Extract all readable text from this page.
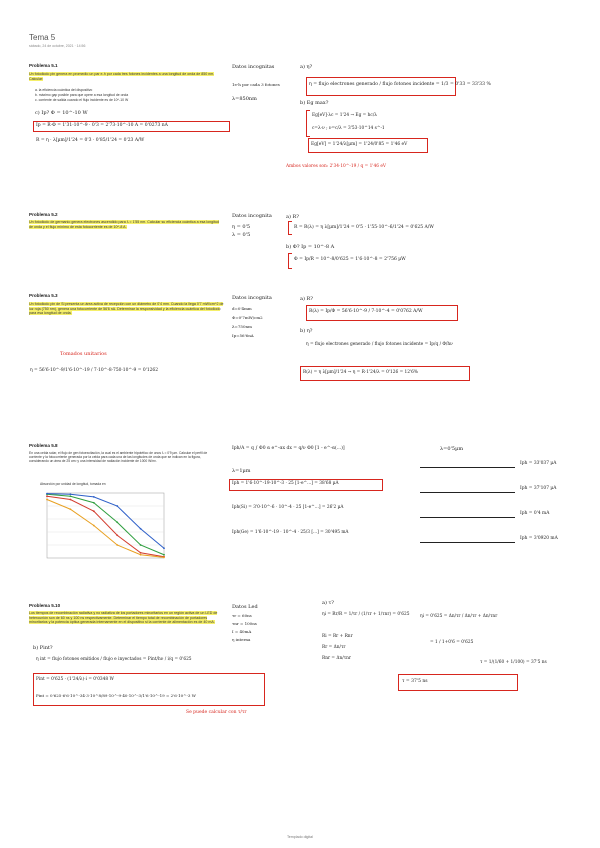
Tema 5
sábado, 24 de octubre, 2021 · 14:56
Problema 5.1
Un fotodiodo pin genera en promedio un par e-h por cada tres fotones incidentes a una longitud de onda de 850 nm. Calcular:
a. la eficiencia cuántica del dispositivo
b. máximo gap posible para que opere a esa longitud de onda
c. corriente de salida cuando el flujo incidente es de 10^-10 W
Datos incognitas
1e-h por cada 3 fotones
λ=850nm
c) Ip? Φ = 10^-10 W
Ip = R·Φ = 1'31·10^-9 · 0'3 = 2'73·10^-10 A = 0'0273 nA
R = η · λ[µm]/1'24 = 0'3 · 0'85/1'24 = 0'23 A/W
a) η?
η = flujo electrones generado / flujo fotones incidente = 1/3 = 0'33 = 33'33 %
b) Eg max?
Eg[eV]·λc = 1'24 → Eg = hc/λ
c=λ·ν ; ν=c/λ = 3'53·10^14 s^-1
Eg[eV] = 1'24/λ[µm] = 1'24/0'85 = 1'46 eV
Ambos valores son: 2'34·10^-19 / q = 1'46 eV
Problema 5.2
Un fotodiodo de germanio genera electrones ascendido para λ = 1'55 nm. Calcular su eficiencia cuántica a esa longitud de onda y el flujo mínimo de esta fotocorriente es de 10^-8 A.
Datos incognita
η = 0'5
λ = 0'5
a) R?
R = R(λ) = η λ[µm]/1'24 = 0'5 · 1'55·10^-6/1'24 = 0'625 A/W
b) Φ? Ip = 10^-8 A
Φ = Ip/R = 10^-8/0'625 = 1'6·10^-8 = 2'756 µW
Problema 5.3
Un fotodiodo pin de Si presenta un área activa de recepción con un diámetro de 0'4 mm. Cuando la llega 0'7 mW/cm^2 de luz roja (750 nm), genera una fotocorriente de 56'6 nA. Determinar la responsividad y la eficiencia cuántica del fotodiodo para esa longitud de onda.
Datos incognita
d=0'4mm
Φ=0'7mW/cm2
λ=750nm
Ip=56'6nA
a) R?
R(λ) = Ip/Φ = 56'6·10^-9 / 7·10^-4 = 0'0762 A/W
b) η?
η = flujo electrones generado / flujo fotones incidente = Ip/q / Φ/hν
R(λ) = η λ[µm]/1'24 → η = R·1'24/λ = 0'126 = 12'6%
Tomados unitarios
η = 56'6·10^-9/1'6·10^-19 / 7·10^-8·750·10^-9 = 0'1262
Problema 5.8
En una celda solar, el flujo de gen fotoexcitación, la cual es el ambiente hipotético de unos λ = 0'9 µm. Calcular el perfil de corriente y la fotocorriente generada por la celda para cada una de las longitudes de onda que se indican en la figura, considerando un área de 25 cm² y una intensidad de radiación incidente de 1000 W/m².
Absorción por unidad de longitud, tomada en
Iph/A = q ∫ Φ0 α e^-αx dx = q/ν Φ0 [1 - e^-α(...)]
λ=1µm
Iph = 1'6·10^-19·10^-3 · 25 [1-e^...] = 38'68 µA
Iph(Si) = 3'0·10^-6 · 10^-4 · 25 [1-e^...] = 26'2 µA
Iph(Ge) = 1'6·10^-19 · 10^-4 · 25/3 [...] = 30'495 mA
λ=0'5µm
Iph = 33'037 µA
Iph = 37'107 µA
Iph = 0'4 mA
Iph = 3'0920 mA
Problema 5.10
Los tiempos de recombinación radiativa y no radiativa de los portadores minoritarios en un región activa de un LED de heterounión son de 60 ns y 100 ns respectivamente. Determinar el tiempo total de recombinación de portadores minoritarios y la potencia óptica generada internamente en el dispositivo si la corriente de alimentación es de 40 mA.
Datos Led
τr = 60ns
τnr = 100ns
I = 40mA
η interna
b) Pint?
η int = flujo fotones emitidos / flujo e inyectados = Pint/hν / i/q = 0'625
Pint = 0'625 · (1'24/λ)·i = 0'0348 W
Pint = 0'625·6'6·10^-34·3·10^8/89·10^-9·40·10^-3/1'6·10^-19 = 2'6·10^-3 W
Se puede calcular con τ/τr
a) τ?
ηi = Rr/R = 1/τr / (1/τr + 1/τnr) = 0'625
Ri = Rr + Rnr
Rr = Δn/τr
Rnr = Δn/τnr
ηi = 0'625 = Δn/τr / Δn/τr + Δn/τnr
= 1 / 1+0'6 = 0'625
τ = 1/(1/60 + 1/100) = 37'5 ns
τ = 37'5 ns
Templado digital
